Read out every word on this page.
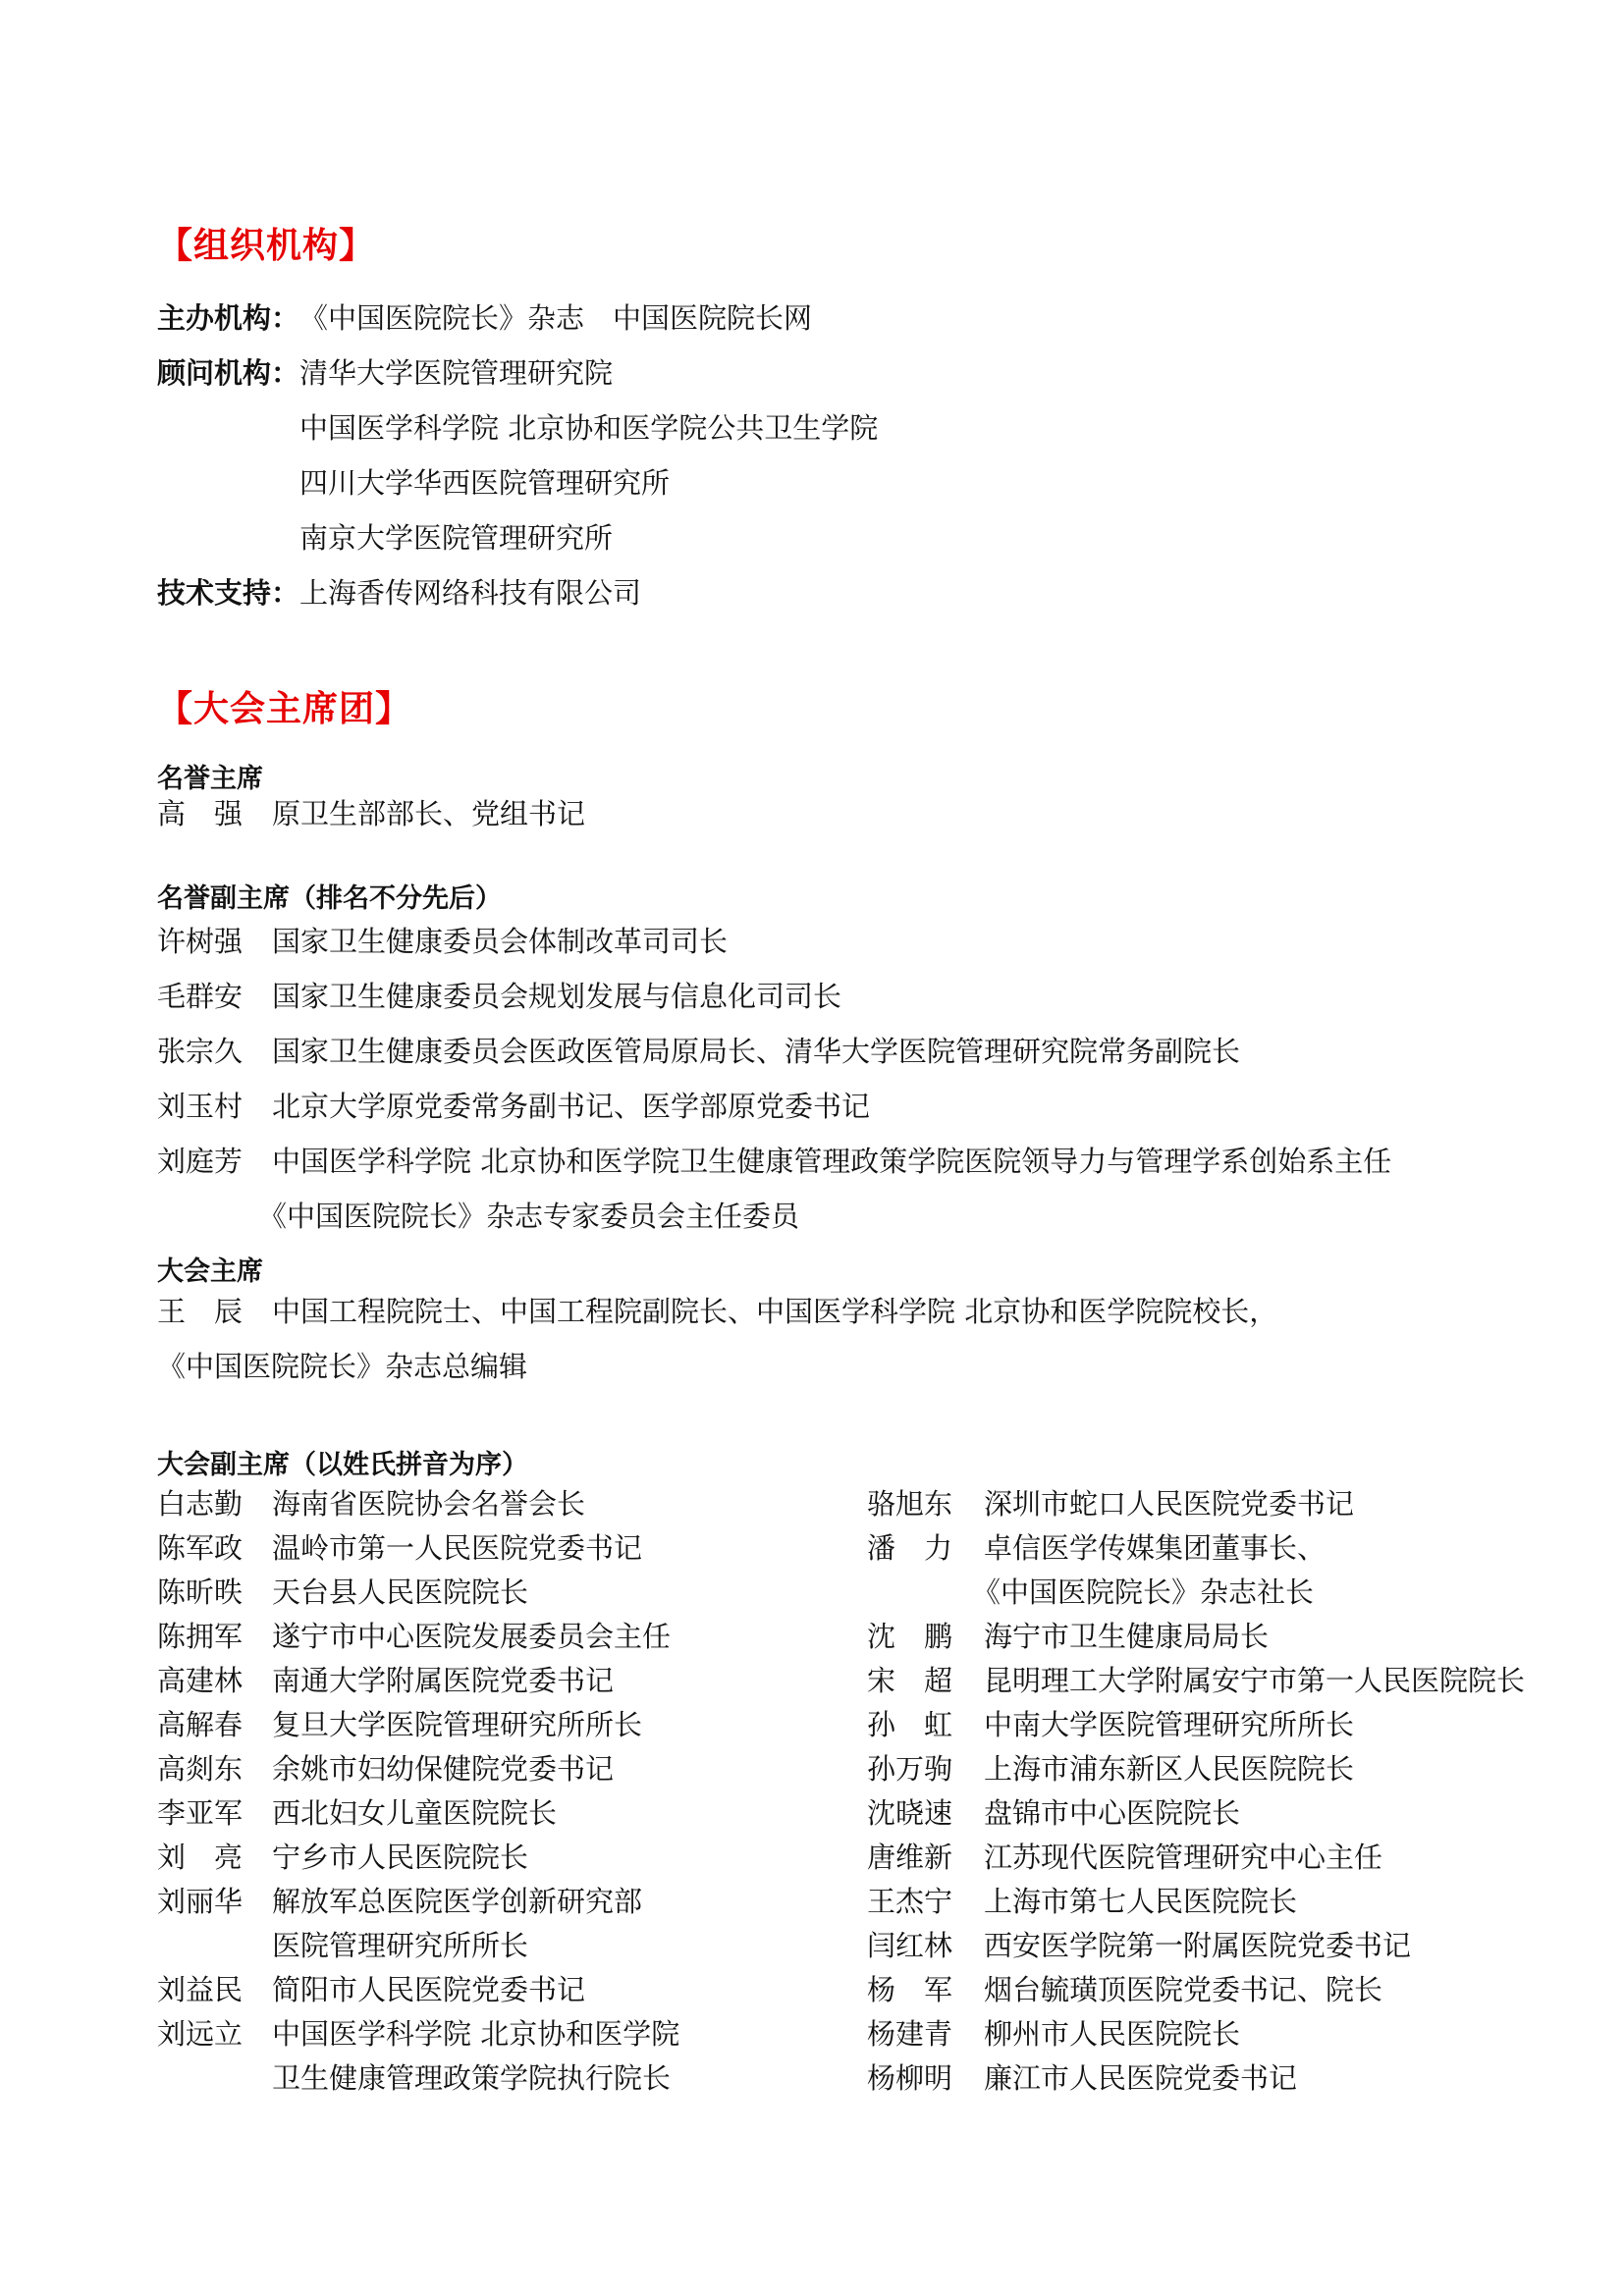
【组织机构】
主办机构： 《中国医院院长》杂志　中国医院院长网
顾问机构： 清华大学医院管理研究院
中国医学科学院 北京协和医学院公共卫生学院
四川大学华西医院管理研究所
南京大学医院管理研究所
技术支持： 上海香传网络科技有限公司
【大会主席团】
名誉主席
高　强 原卫生部部长、党组书记
名誉副主席（排名不分先后）
许树强 国家卫生健康委员会体制改革司司长
毛群安 国家卫生健康委员会规划发展与信息化司司长
张宗久 国家卫生健康委员会医政医管局原局长、清华大学医院管理研究院常务副院长
刘玉村 北京大学原党委常务副书记、医学部原党委书记
刘庭芳 中国医学科学院 北京协和医学院卫生健康管理政策学院医院领导力与管理学系创始系主任
《中国医院院长》杂志专家委员会主任委员
大会主席
王　辰 中国工程院院士、中国工程院副院长、中国医学科学院 北京协和医学院院校长，
《中国医院院长》杂志总编辑
大会副主席（以姓氏拼音为序）
白志勤 海南省医院协会名誉会长
陈军政 温岭市第一人民医院党委书记
陈昕昳 天台县人民医院院长
陈拥军 遂宁市中心医院发展委员会主任
高建林 南通大学附属医院党委书记
高解春 复旦大学医院管理研究所所长
高剡东 余姚市妇幼保健院党委书记
李亚军 西北妇女儿童医院院长
刘　亮 宁乡市人民医院院长
刘丽华 解放军总医院医学创新研究部
医院管理研究所所长
刘益民 简阳市人民医院党委书记
刘远立 中国医学科学院 北京协和医学院
卫生健康管理政策学院执行院长
骆旭东 深圳市蛇口人民医院党委书记
潘　力 卓信医学传媒集团董事长、
《中国医院院长》杂志社长
沈　鹏 海宁市卫生健康局局长
宋　超 昆明理工大学附属安宁市第一人民医院院长
孙　虹 中南大学医院管理研究所所长
孙万驹 上海市浦东新区人民医院院长
沈晓速 盘锦市中心医院院长
唐维新 江苏现代医院管理研究中心主任
王杰宁 上海市第七人民医院院长
闫红林 西安医学院第一附属医院党委书记
杨　军 烟台毓璜顶医院党委书记、院长
杨建青 柳州市人民医院院长
杨柳明 廉江市人民医院党委书记
